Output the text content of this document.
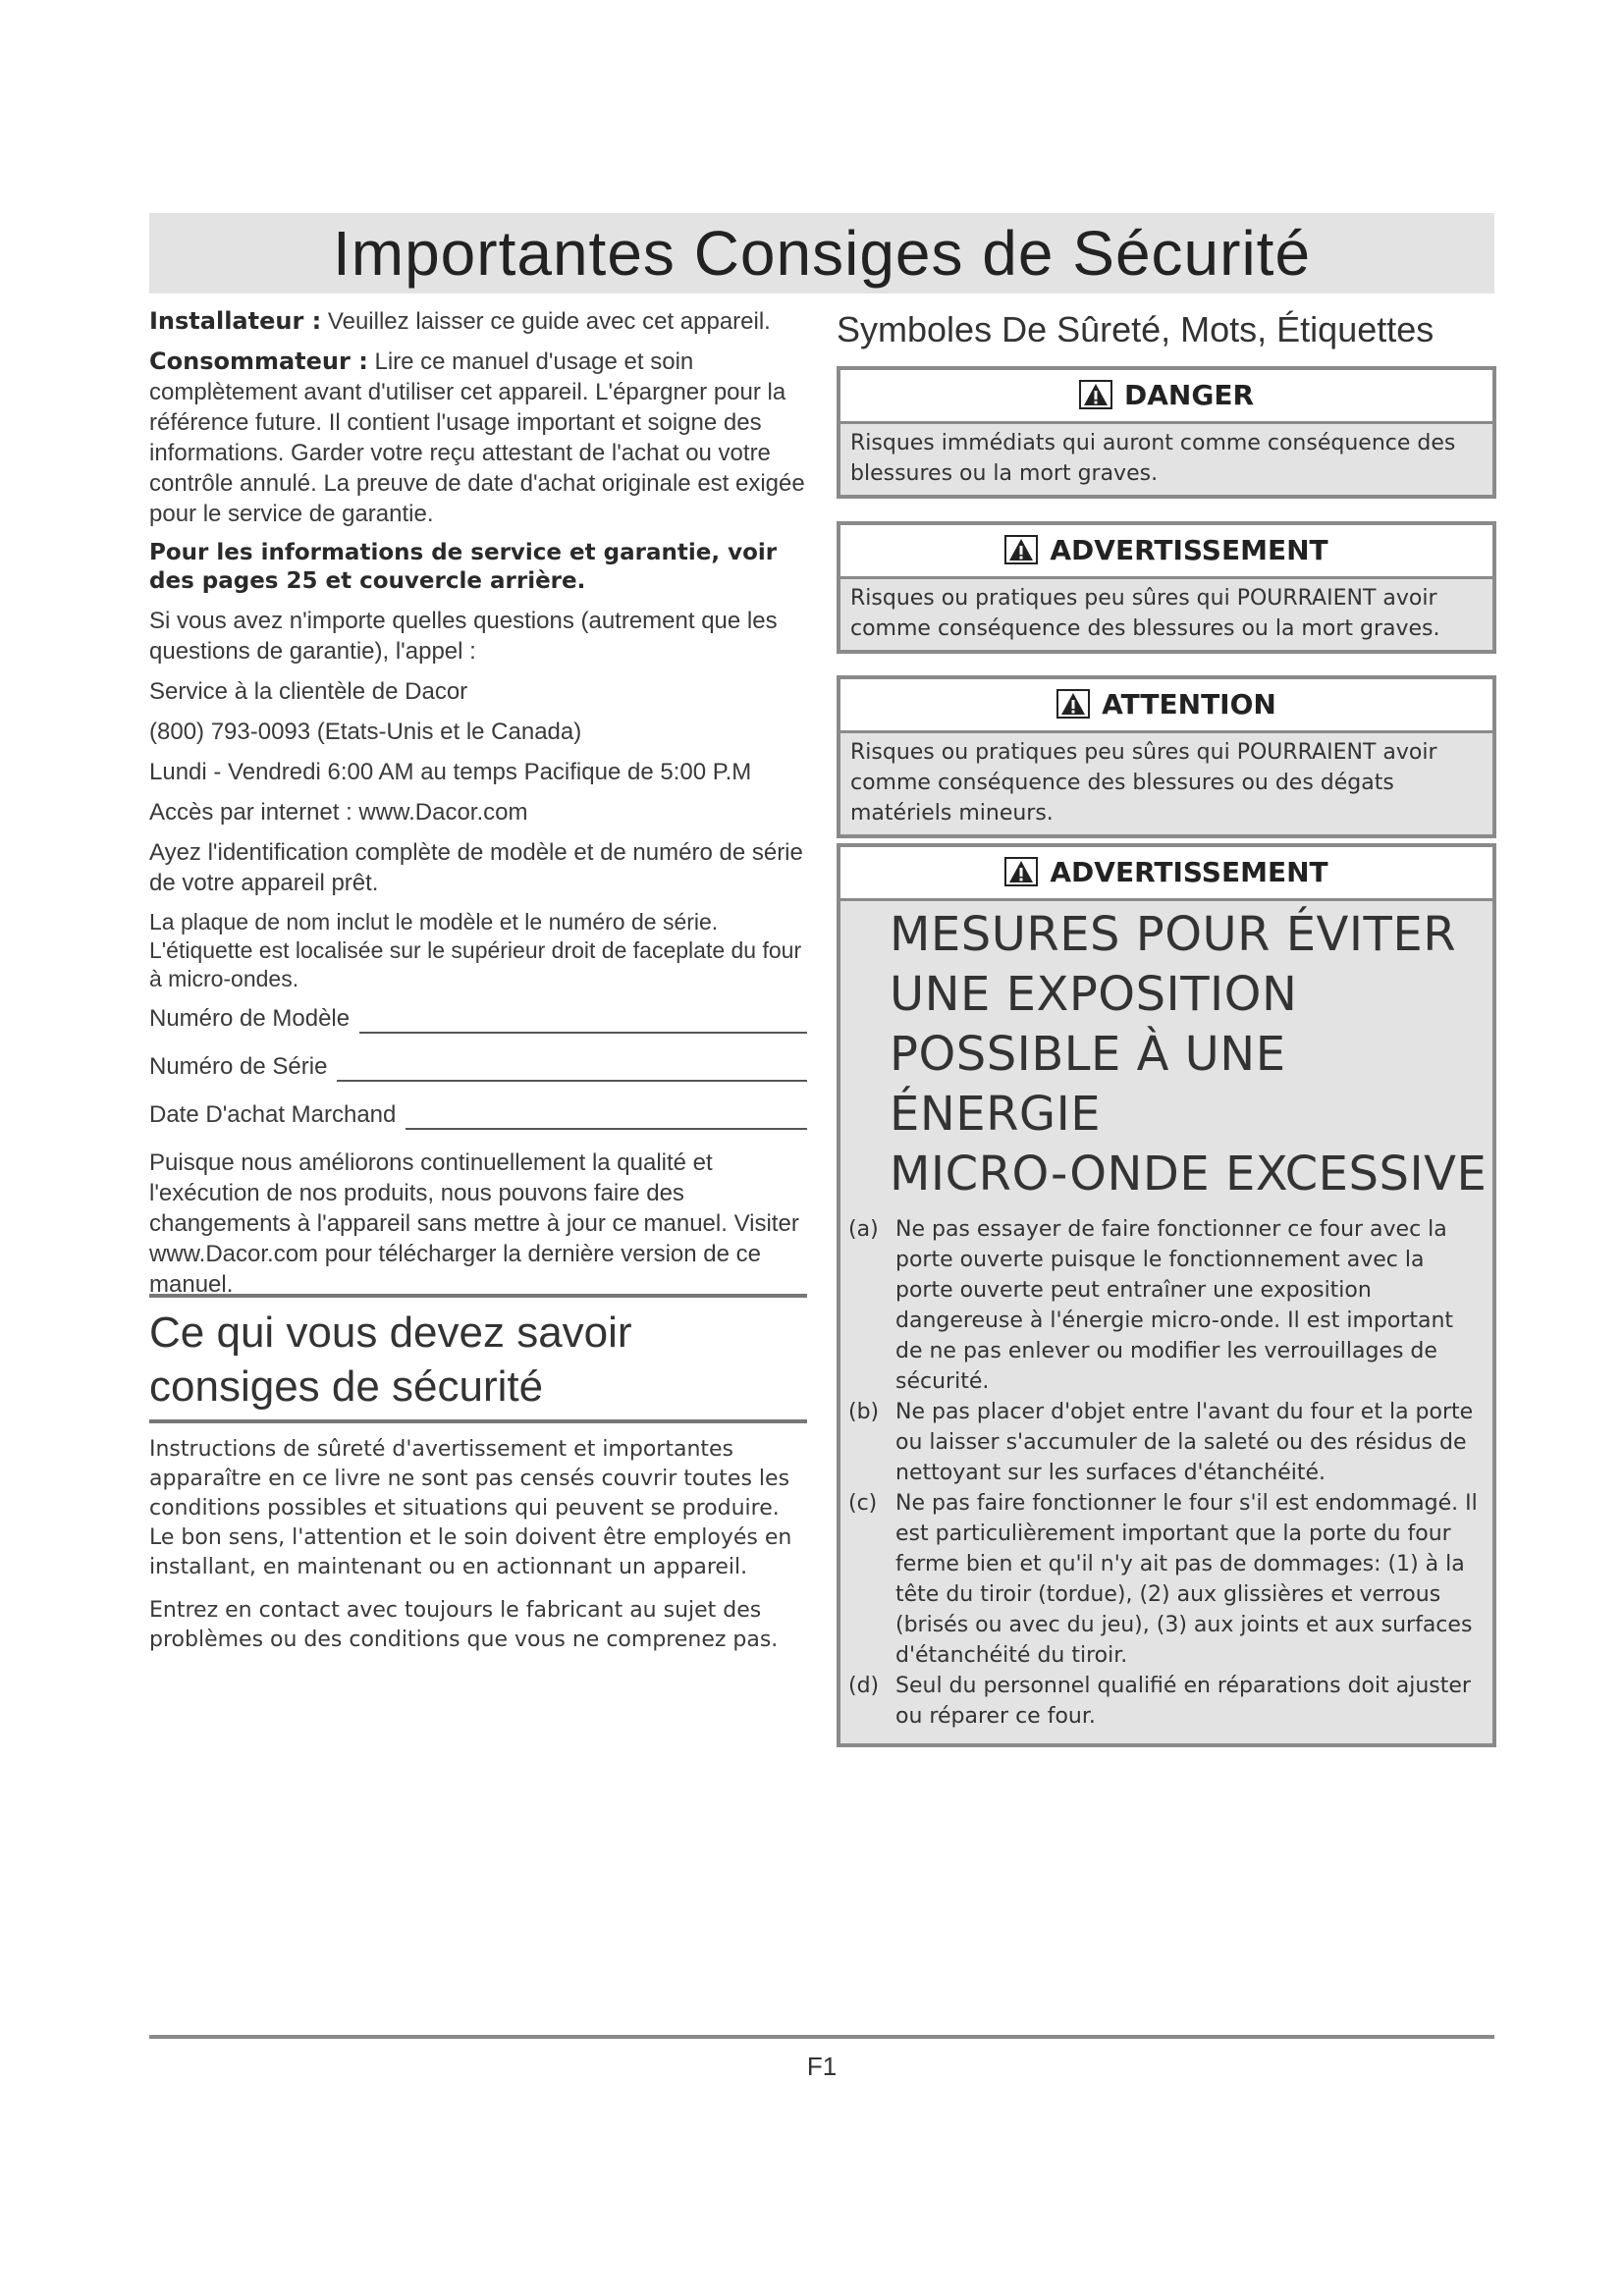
Importantes Consiges de Sécurité

Installateur : Veuillez laisser ce guide avec cet appareil.

Consommateur : Lire ce manuel d'usage et soin complètement avant d'utiliser cet appareil. L'épargner pour la référence future. Il contient l'usage important et soigne des informations. Garder votre reçu attestant de l'achat ou votre contrôle annulé. La preuve de date d'achat originale est exigée pour le service de garantie.

Pour les informations de service et garantie, voir des pages 25 et couvercle arrière.

Si vous avez n'importe quelles questions (autrement que les questions de garantie), l'appel :

Service à la clientèle de Dacor

(800) 793-0093 (Etats-Unis et le Canada)

Lundi - Vendredi 6:00 AM au temps Pacifique de 5:00 P.M

Accès par internet : www.Dacor.com

Ayez l'identification complète de modèle et de numéro de série de votre appareil prêt.

La plaque de nom inclut le modèle et le numéro de série. L'étiquette est localisée sur le supérieur droit de faceplate du four à micro-ondes.

Numéro de Modèle
Numéro de Série
Date D'achat Marchand

Puisque nous améliorons continuellement la qualité et l'exécution de nos produits, nous pouvons faire des changements à l'appareil sans mettre à jour ce manuel. Visiter www.Dacor.com pour télécharger la dernière version de ce manuel.

Ce qui vous devez savoir
consiges de sécurité

Instructions de sûreté d'avertissement et importantes apparaître en ce livre ne sont pas censés couvrir toutes les conditions possibles et situations qui peuvent se produire. Le bon sens, l'attention et le soin doivent être employés en installant, en maintenant ou en actionnant un appareil.

Entrez en contact avec toujours le fabricant au sujet des problèmes ou des conditions que vous ne comprenez pas.

Symboles De Sûreté, Mots, Étiquettes
DANGER
Risques immédiats qui auront comme conséquence des blessures ou la mort graves.
ADVERTISSEMENT
Risques ou pratiques peu sûres qui POURRAIENT avoir comme conséquence des blessures ou la mort graves.
ATTENTION
Risques ou pratiques peu sûres qui POURRAIENT avoir comme conséquence des blessures ou des dégats matériels mineurs.
ADVERTISSEMENT
MESURES POUR ÉVITER
UNE EXPOSITION
POSSIBLE À UNE ÉNERGIE
MICRO-ONDE EXCESSIVE
(a) Ne pas essayer de faire fonctionner ce four avec la porte ouverte puisque le fonctionnement avec la porte ouverte peut entraîner une exposition dangereuse à l'énergie micro-onde. Il est important de ne pas enlever ou modifier les verrouillages de sécurité.
(b) Ne pas placer d'objet entre l'avant du four et la porte ou laisser s'accumuler de la saleté ou des résidus de nettoyant sur les surfaces d'étanchéité.
(c) Ne pas faire fonctionner le four s'il est endommagé. Il est particulièrement important que la porte du four ferme bien et qu'il n'y ait pas de dommages: (1) à la tête du tiroir (tordue), (2) aux glissières et verrous (brisés ou avec du jeu), (3) aux joints et aux surfaces d'étanchéité du tiroir.
(d) Seul du personnel qualifié en réparations doit ajuster ou réparer ce four.
F1
